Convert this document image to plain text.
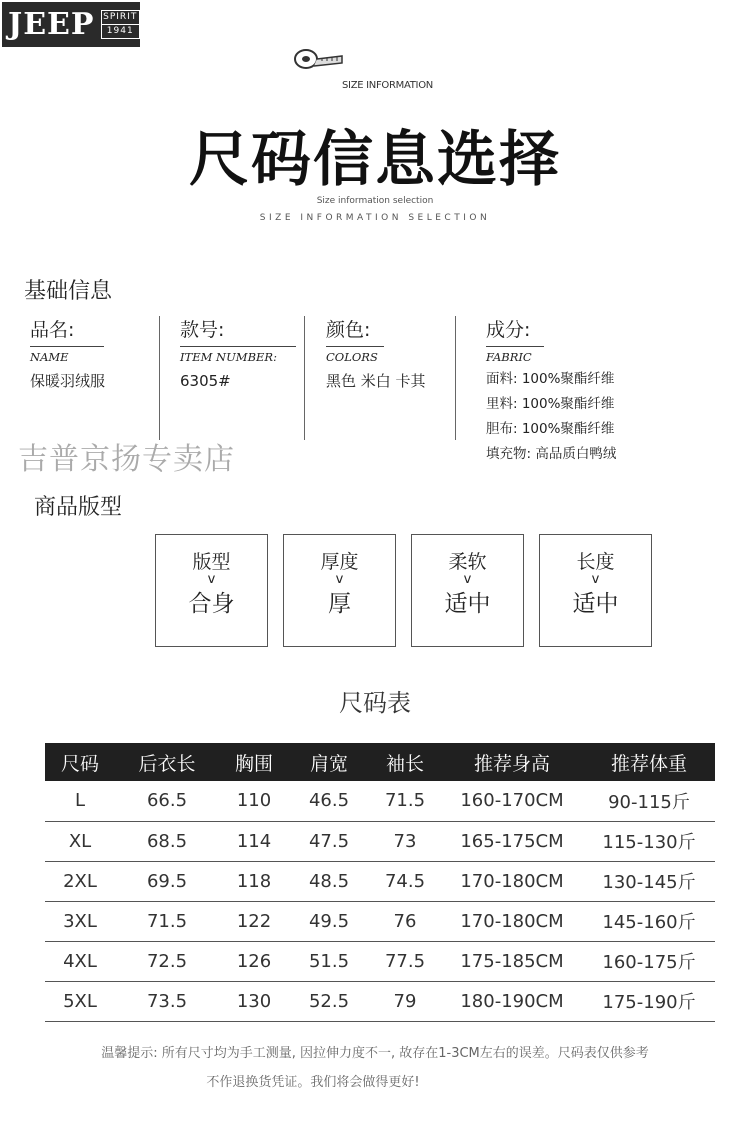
JEEP SPIRIT
1941
SIZE INFORMATION
尺码信息选择
Size information selection
SIZE INFORMATION SELECTION
基础信息
品名:
NAME
保暖羽绒服
款号:
ITEM NUMBER:
6305#
颜色:
COLORS
黑色 米白 卡其
成分:
FABRIC
面料: 100%聚酯纤维
里料: 100%聚酯纤维
胆布: 100%聚酯纤维
填充物: 高品质白鸭绒
吉普京扬专卖店
商品版型
版型
v
合身
厚度
v
厚
柔软
v
适中
长度
v
适中
尺码表
尺码	后衣长	胸围	肩宽	袖长	推荐身高	推荐体重
L	66.5	110	46.5	71.5	160-170CM	90-115斤
XL	68.5	114	47.5	73	165-175CM	115-130斤
2XL	69.5	118	48.5	74.5	170-180CM	130-145斤
3XL	71.5	122	49.5	76	170-180CM	145-160斤
4XL	72.5	126	51.5	77.5	175-185CM	160-175斤
5XL	73.5	130	52.5	79	180-190CM	175-190斤
温馨提示: 所有尺寸均为手工测量, 因拉伸力度不一, 故存在1-3CM左右的误差。尺码表仅供参考
不作退换货凭证。我们将会做得更好!
